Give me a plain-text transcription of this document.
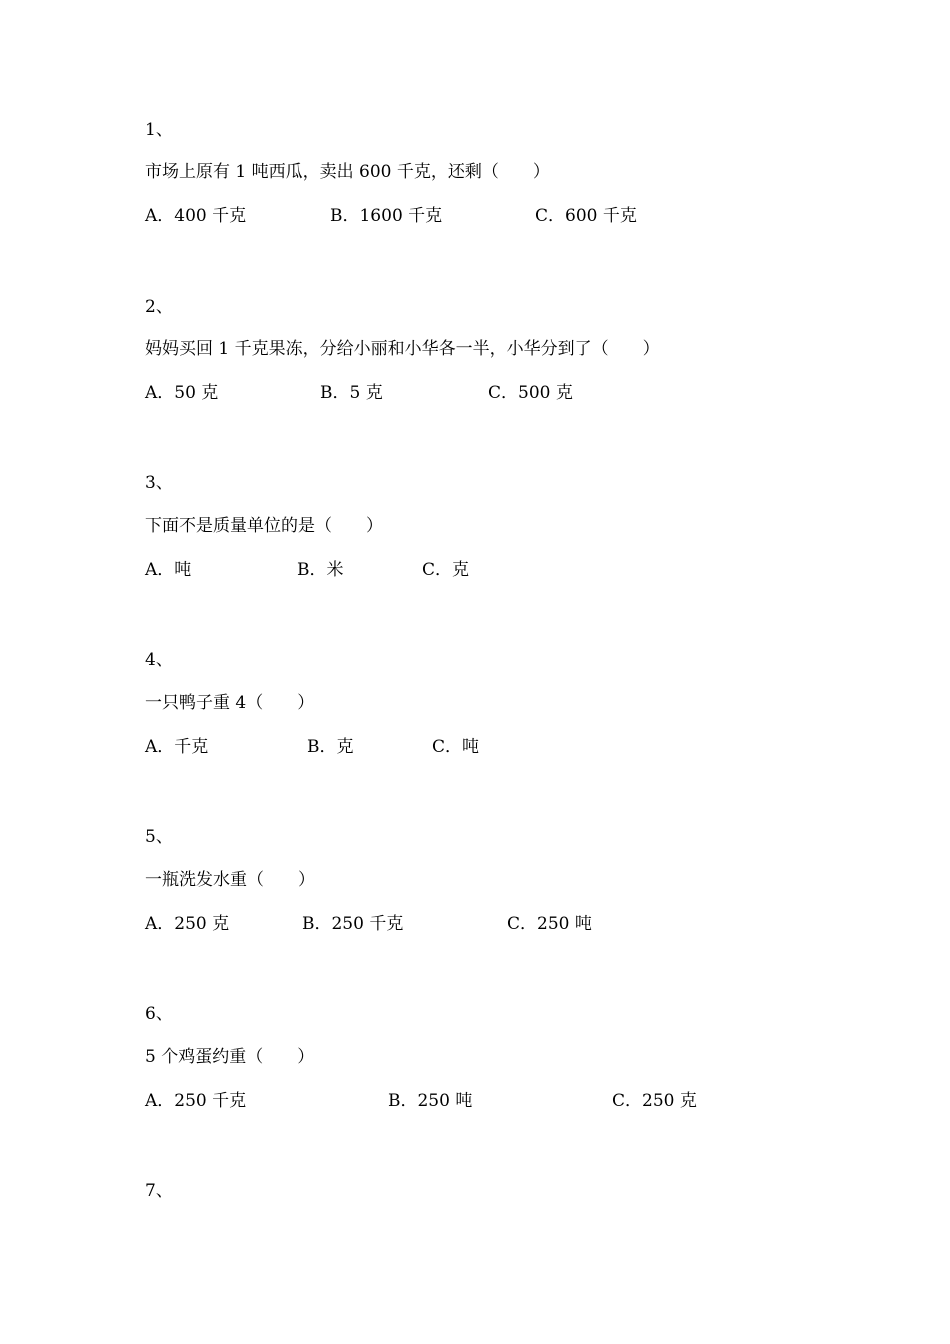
1、
市场上原有 1 吨西瓜，卖出 600 千克，还剩（　　）
A．400 千克	B．1600 千克	C．600 千克
2、
妈妈买回 1 千克果冻，分给小丽和小华各一半，小华分到了（　　）
A．50 克	B．5 克	C．500 克
3、
下面不是质量单位的是（　　）
A．吨	B．米	C．克
4、
一只鸭子重 4（　　）
A．千克	B．克	C．吨
5、
一瓶洗发水重（　　）
A．250 克	B．250 千克	C．250 吨
6、
5 个鸡蛋约重（　　）
A．250 千克	B．250 吨	C．250 克
7、
